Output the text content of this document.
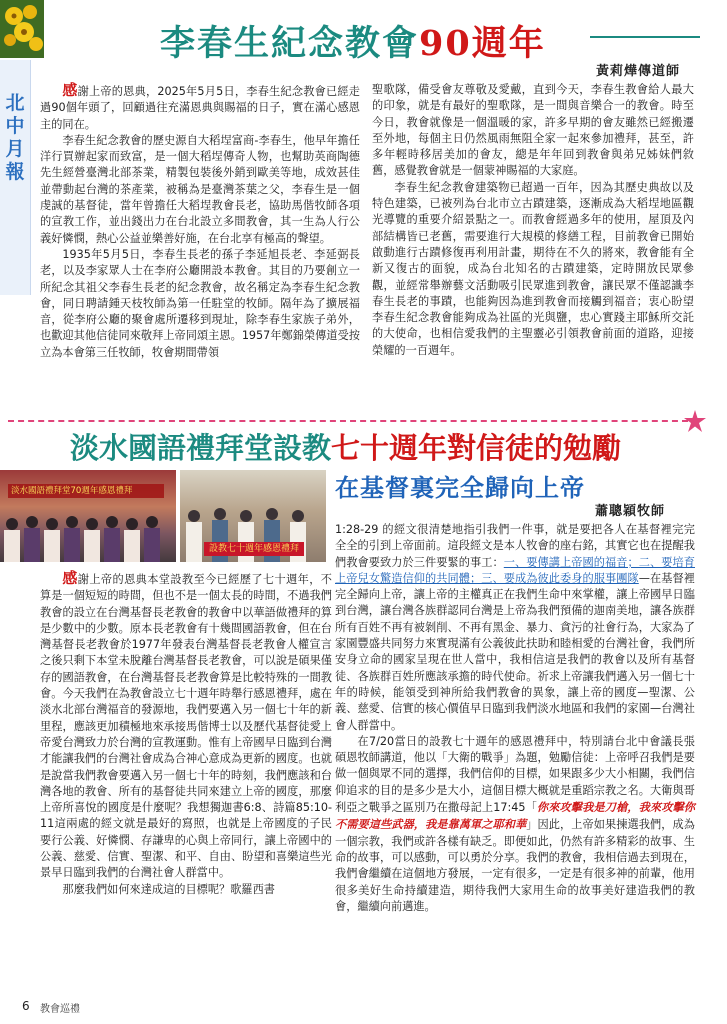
北中月報
李春生紀念教會90週年
黃莉燁傳道師

感謝上帝的恩典，2025年5月5日，李春生紀念教會已經走過90個年頭了，回顧過往充滿恩典與賜福的日子，實在滿心感恩主的同在。

李春生紀念教會的歷史源自大稻埕富商-李春生，他早年擔任洋行買辦起家而致富，是一個大稻埕傳奇人物，也幫助英商陶德先生經營臺灣北部茶業，精製包裝後外銷到歐美等地，成效甚佳並帶動起台灣的茶產業，被稱為是臺灣茶葉之父，李春生是一個虔誠的基督徒，當年曾擔任大稻埕教會長老，協助馬偕牧師各項的宣教工作，並出錢出力在台北設立多間教會，其一生為人行公義好憐憫，熱心公益並樂善好施，在台北享有極高的聲望。

1935年5月5日，李春生長老的孫子李延旭長老、李延弼長老，以及李家眾人士在李府公廳開設本教會。其目的乃要創立一所紀念其祖父李春生長老的紀念教會，故名稱定為李春生紀念教會，同日聘請鍾天枝牧師為第一任駐堂的牧師。隔年為了擴展福音，從李府公廳的聚會處所遷移到現址，除李春生家族子弟外，也歡迎其他信徒同來敬拜上帝同頌主恩。1957年鄭錦榮傳道受按立為本會第三任牧師，牧會期間帶領

聖歌隊，備受會友尊敬及愛戴，直到今天，李春生教會給人最大的印象，就是有最好的聖歌隊，是一間與音樂合一的教會。時至今日，教會就像是一個溫暖的家，許多早期的會友雖然已經搬遷至外地，每個主日仍然風雨無阻全家一起來參加禮拜，甚至，許多年輕時移居美加的會友，總是年年回到教會與弟兄姊妹們敘舊，感覺教會就是一個蒙神賜福的大家庭。

李春生紀念教會建築物已超過一百年，因為其歷史典故以及特色建築，已被列為台北市立古蹟建築，逐漸成為大稻埕地區觀光導覽的重要介紹景點之一。而教會經過多年的使用，屋頂及內部結構皆已老舊，需要進行大規模的修繕工程，目前教會已開始啟動進行古蹟修復再利用計畫，期待在不久的將來，教會能有全新又復古的面貌，成為台北知名的古蹟建築，定時開放民眾參觀，並經常舉辦藝文活動吸引民眾進到教會，讓民眾不僅認識李春生長老的事蹟，也能夠因為進到教會而接觸到福音；衷心盼望李春生紀念教會能夠成為社區的光與鹽，忠心實踐主耶穌所交託的大使命，也相信愛我們的主聖靈必引領教會前面的道路，迎接榮耀的一百週年。

淡水國語禮拜堂設教七十週年對信徒的勉勵
淡水國語禮拜堂70週年感恩禮拜
設教七十週年感恩禮拜
在基督裏完全歸向上帝
蕭聰穎牧師

感謝上帝的恩典本堂設教至今已經歷了七十週年，不算是一個短短的時間，但也不是一個太長的時間，不過我們教會的設立在台灣基督長老教會的教會中以華語做禮拜的算是少數中的少數。原本長老教會有十幾間國語教會，但在台灣基督長老教會於1977年發表台灣基督長老教會人權宣言之後只剩下本堂未脫離台灣基督長老教會，可以說是碩果僅存的國語教會，在台灣基督長老教會算是比較特殊的一間教會。今天我們在為教會設立七十週年時舉行感恩禮拜，處在淡水北部台灣福音的發源地，我們要邁入另一個七十年的新里程，應該更加積極地來承接馬偕博士以及歷代基督徒愛上帝愛台灣致力於台灣的宣教運動。惟有上帝國早日臨到台灣才能讓我們的台灣社會成為合神心意成為更新的國度。也就是說當我們教會要邁入另一個七十年的時刻，我們應該和台灣各地的教會、所有的基督徒共同來建立上帝的國度，那麼上帝所喜悅的國度是什麼呢？我想獨迦書6:8、詩篇85:10-11這兩處的經文就是最好的寫照，也就是上帝國度的子民要行公義、好憐憫、存謙卑的心與上帝同行，讓上帝國中的公義、慈愛、信實、聖潔、和平、自由、盼望和喜樂這些光景早日臨到我們的台灣社會人群當中。

那麼我們如何來達成這的目標呢？歌羅西書

1:28-29 的經文很清楚地指引我們一件事，就是要把各人在基督裡完完全全的引到上帝面前。這段經文是本人牧會的座右銘，其實它也在提醒我們教會要致力於三件要緊的事工：一、要傳講上帝國的福音；二、要培育上帝兒女驚造信仰的共同體；三、要成為彼此委身的服事團隊—在基督裡完全歸向上帝，讓上帝的主權真正在我們生命中來掌權，讓上帝國早日臨到台灣，讓台灣各族群認同台灣是上帝為我們預備的迦南美地，讓各族群所有百姓不再有被剝削、不再有黑金、暴力、貪污的社會行為，大家為了家園豐盛共同努力來實現滿有公義彼此扶助和睦相愛的台灣社會，我們所安身立命的國家呈現在世人當中，我相信這是我們的教會以及所有基督徒、各族群百姓所應該承擔的時代使命。祈求上帝讓我們邁入另一個七十年的時候，能領受到神所給我們教會的異象，讓上帝的國度—聖潔、公義、慈愛、信實的核心價值早日臨到我們淡水地區和我們的家園—台灣社會人群當中。

在7/20當日的設教七十週年的感恩禮拜中，特別請台北中會議長張碩恩牧師講道，他以「大衛的戰爭」為題，勉勵信徒：上帝呼召我們是要做一個與眾不同的選擇，我們信仰的目標，如果跟多少大小相關，我們信仰追求的目的是多少是大小，這個目標大概就是重蹈宗教之名。大衛與哥利亞之戰爭之區別乃在撒母記上17:45「你來攻擊我是刀槍，我來攻擊你不需要這些武器，我是靠萬軍之耶和華」因此，上帝如果揀選我們，成為一個宗教，我們或許各樣有缺乏。即便如此，仍然有許多精彩的故事、生命的故事，可以感動，可以勇於分享。我們的教會，我相信過去到現在，我們會繼續在這個地方發展，一定有很多，一定是有很多神的前輩，他用很多美好生命持續建造，期待我們大家用生命的故事美好建造我們的教會，繼續向前邁進。

6 教會巡禮
